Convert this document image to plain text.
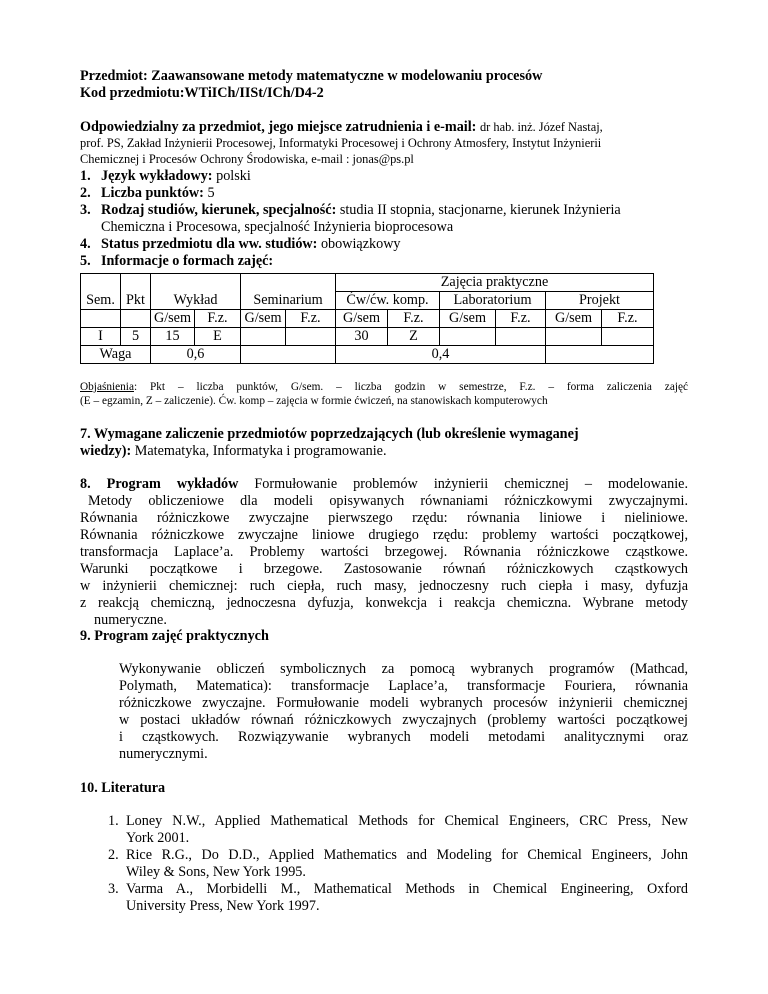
Przedmiot: Zaawansowane metody matematyczne w modelowaniu procesów
Kod przedmiotu:WTiICh/IISt/ICh/D4-2
Odpowiedzialny za przedmiot, jego miejsce zatrudnienia i e-mail: dr hab. inż. Józef Nastaj,
prof. PS, Zakład Inżynierii Procesowej, Informatyki Procesowej i Ochrony Atmosfery, Instytut Inżynierii
Chemicznej i Procesów Ochrony Środowiska, e-mail : jonas@ps.pl
1. Język wykładowy: polski
2. Liczba punktów: 5
3. Rodzaj studiów, kierunek, specjalność: studia II stopnia, stacjonarne, kierunek Inżynieria
Chemiczna i Procesowa, specjalność Inżynieria bioprocesowa
4. Status przedmiotu dla ww. studiów: obowiązkowy
5. Informacje o formach zajęć:
						Zajęcia praktyczne					
Sem.	Pkt	Wykład		Seminarium		Ćw/ćw. komp.		Laboratorium		Projekt	
		G/sem	F.z.	G/sem	F.z.	G/sem	F.z.	G/sem	F.z.	G/sem	F.z.
I	5	15	E			30	Z				
Waga		0,6				0,4					
Objaśnienia: Pkt – liczba punktów, G/sem. – liczba godzin w semestrze, F.z. – forma zaliczenia zajęć
(E – egzamin, Z – zaliczenie). Ćw. komp – zajęcia w formie ćwiczeń, na stanowiskach komputerowych
7. Wymagane zaliczenie przedmiotów poprzedzających (lub określenie wymaganej
wiedzy): Matematyka, Informatyka i programowanie.
8. Program wykładów Formułowanie problemów inżynierii chemicznej – modelowanie.
Metody obliczeniowe dla modeli opisywanych równaniami różniczkowymi zwyczajnymi.
Równania różniczkowe zwyczajne pierwszego rzędu: równania liniowe i nieliniowe.
Równania różniczkowe zwyczajne liniowe drugiego rzędu: problemy wartości początkowej,
transformacja Laplace’a. Problemy wartości brzegowej. Równania różniczkowe cząstkowe.
Warunki początkowe i brzegowe. Zastosowanie równań różniczkowych cząstkowych
w inżynierii chemicznej: ruch ciepła, ruch masy, jednoczesny ruch ciepła i masy, dyfuzja
z reakcją chemiczną, jednoczesna dyfuzja, konwekcja i reakcja chemiczna. Wybrane metody
numeryczne.
9. Program zajęć praktycznych
Wykonywanie obliczeń symbolicznych za pomocą wybranych programów (Mathcad,
Polymath, Matematica): transformacje Laplace’a, transformacje Fouriera, równania
różniczkowe zwyczajne. Formułowanie modeli wybranych procesów inżynierii chemicznej
w postaci układów równań różniczkowych zwyczajnych (problemy wartości początkowej
i cząstkowych. Rozwiązywanie wybranych modeli metodami analitycznymi oraz
numerycznymi.
10. Literatura
1. Loney N.W., Applied Mathematical Methods for Chemical Engineers, CRC Press, New
York 2001.
2. Rice R.G., Do D.D., Applied Mathematics and Modeling for Chemical Engineers, John
Wiley & Sons, New York 1995.
3. Varma A., Morbidelli M., Mathematical Methods in Chemical Engineering, Oxford
University Press, New York 1997.
